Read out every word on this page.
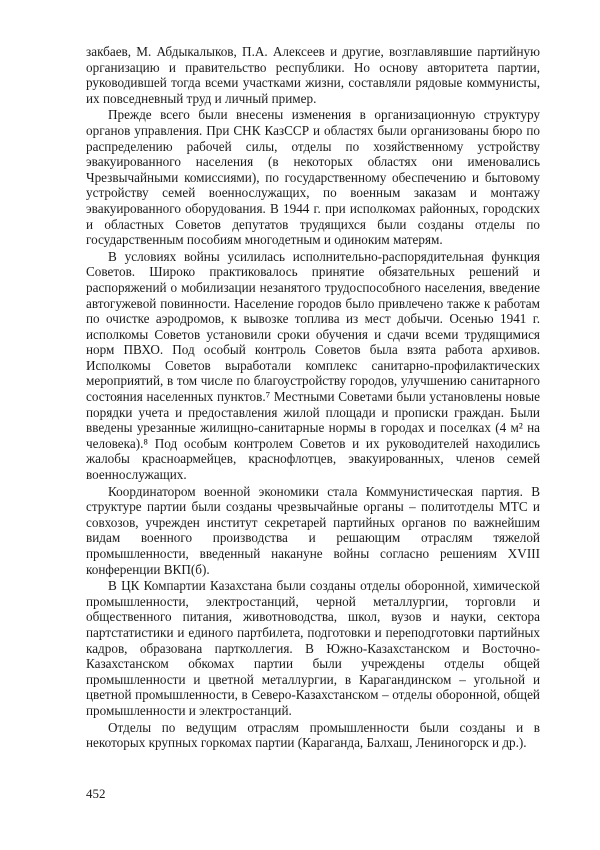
закбаев, М. Абдыкалыков, П.А. Алексеев и другие, возглавлявшие партийную организацию и правительство республики. Но основу авторитета партии, руководившей тогда всеми участками жизни, составляли рядовые коммунисты, их повседневный труд и личный пример.

Прежде всего были внесены изменения в организационную структуру органов управления. При СНК КазССР и областях были организованы бюро по распределению рабочей силы, отделы по хозяйственному устройству эвакуированного населения (в некоторых областях они именовались Чрезвычайными комиссиями), по государственному обеспечению и бытовому устройству семей военнослужащих, по военным заказам и монтажу эвакуированного оборудования. В 1944 г. при исполкомах районных, городских и областных Советов депутатов трудящихся были созданы отделы по государственным пособиям многодетным и одиноким матерям.

В условиях войны усилилась исполнительно-распорядительная функция Советов. Широко практиковалось принятие обязательных решений и распоряжений о мобилизации незанятого трудоспособного населения, введение автогужевой повинности. Население городов было привлечено также к работам по очистке аэродромов, к вывозке топлива из мест добычи. Осенью 1941 г. исполкомы Советов установили сроки обучения и сдачи всеми трудящимися норм ПВХО. Под особый контроль Советов была взята работа архивов. Исполкомы Советов выработали комплекс санитарно-профилактических мероприятий, в том числе по благоустройству городов, улучшению санитарного состояния населенных пунктов.⁷ Местными Советами были установлены новые порядки учета и предоставления жилой площади и прописки граждан. Были введены урезанные жилищно-санитарные нормы в городах и поселках (4 м² на человека).⁸ Под особым контролем Советов и их руководителей находились жалобы красноармейцев, краснофлотцев, эвакуированных, членов семей военнослужащих.

Координатором военной экономики стала Коммунистическая партия. В структуре партии были созданы чрезвычайные органы – политотделы МТС и совхозов, учрежден институт секретарей партийных органов по важнейшим видам военного производства и решающим отраслям тяжелой промышленности, введенный накануне войны согласно решениям XVIII конференции ВКП(б).

В ЦК Компартии Казахстана были созданы отделы оборонной, химической промышленности, электростанций, черной металлургии, торговли и общественного питания, животноводства, школ, вузов и науки, сектора партстатистики и единого партбилета, подготовки и переподготовки партийных кадров, образована партколлегия. В Южно-Казахстанском и Восточно-Казахстанском обкомах партии были учреждены отделы общей промышленности и цветной металлургии, в Карагандинском – угольной и цветной промышленности, в Северо-Казахстанском – отделы оборонной, общей промышленности и электростанций.

Отделы по ведущим отраслям промышленности были созданы и в некоторых крупных горкомах партии (Караганда, Балхаш, Лениногорск и др.).

452
